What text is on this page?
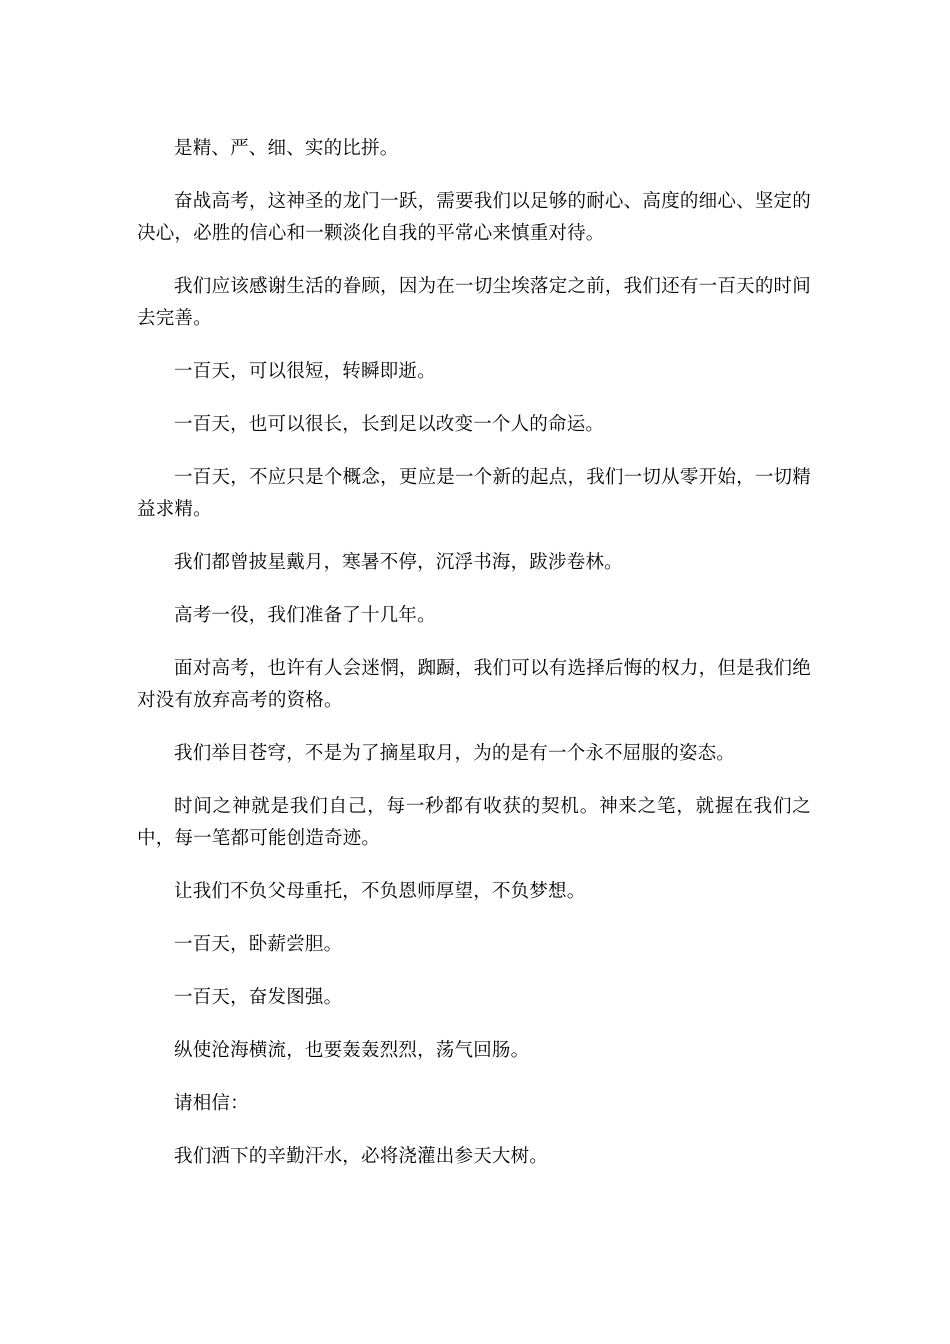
是精、严、细、实的比拼。

奋战高考，这神圣的龙门一跃，需要我们以足够的耐心、高度的细心、坚定的决心，必胜的信心和一颗淡化自我的平常心来慎重对待。

我们应该感谢生活的眷顾，因为在一切尘埃落定之前，我们还有一百天的时间去完善。

一百天，可以很短，转瞬即逝。

一百天，也可以很长，长到足以改变一个人的命运。

一百天，不应只是个概念，更应是一个新的起点，我们一切从零开始，一切精益求精。

我们都曾披星戴月，寒暑不停，沉浮书海，跋涉卷林。

高考一役，我们准备了十几年。

面对高考，也许有人会迷惘，踟蹰，我们可以有选择后悔的权力，但是我们绝对没有放弃高考的资格。

我们举目苍穹，不是为了摘星取月，为的是有一个永不屈服的姿态。

时间之神就是我们自己，每一秒都有收获的契机。神来之笔，就握在我们之中，每一笔都可能创造奇迹。

让我们不负父母重托，不负恩师厚望，不负梦想。

一百天，卧薪尝胆。

一百天，奋发图强。

纵使沧海横流，也要轰轰烈烈，荡气回肠。

请相信：

我们洒下的辛勤汗水，必将浇灌出参天大树。
